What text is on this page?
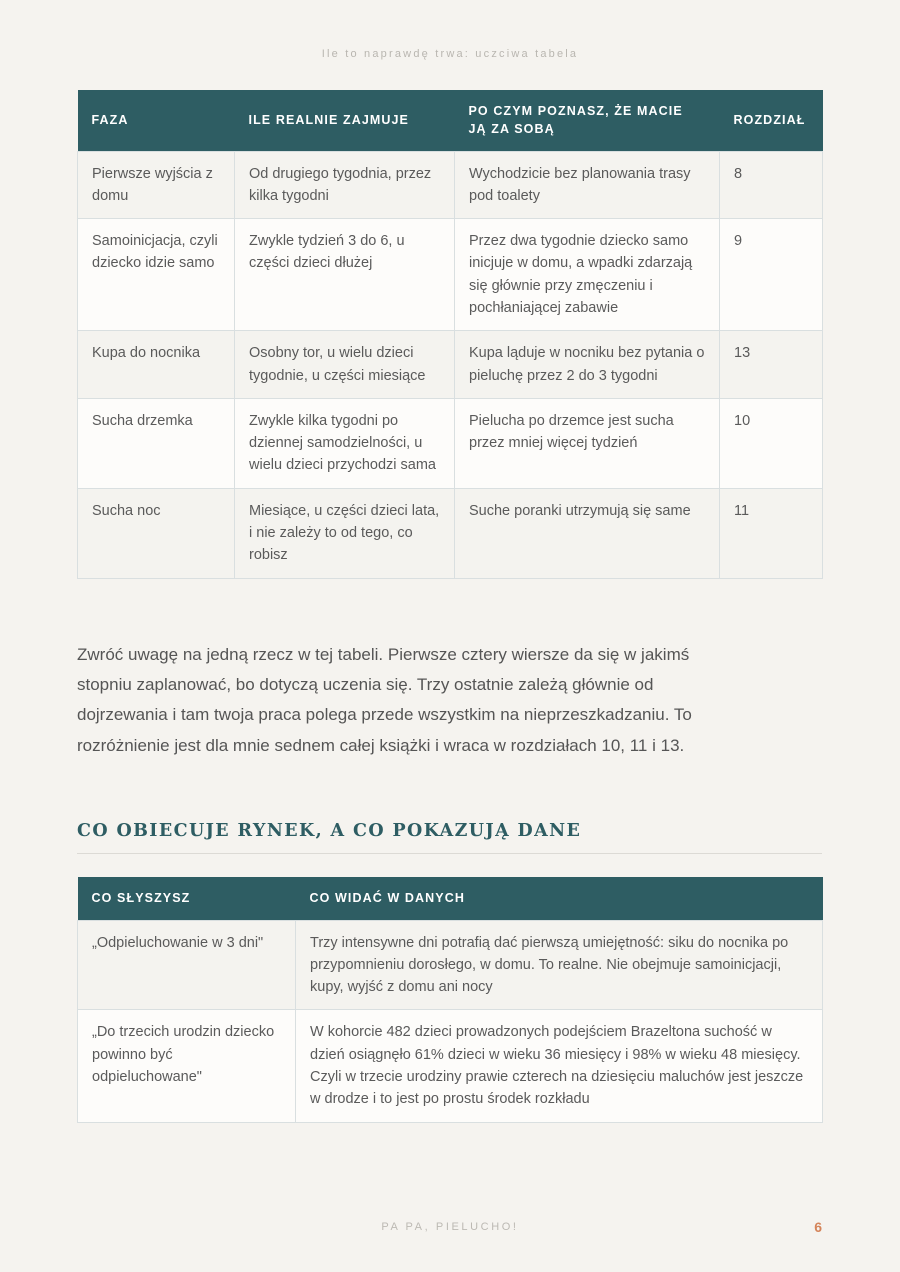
Ile to naprawdę trwa: uczciwa tabela
FAZA	ILE REALNIE ZAJMUJE	PO CZYM POZNASZ, ŻE MACIE JĄ ZA SOBĄ	ROZDZIAŁ
Pierwsze wyjścia z domu	Od drugiego tygodnia, przez kilka tygodni	Wychodzicie bez planowania trasy pod toalety	8
Samoinicjacja, czyli dziecko idzie samo	Zwykle tydzień 3 do 6, u części dzieci dłużej	Przez dwa tygodnie dziecko samo inicjuje w domu, a wpadki zdarzają się głównie przy zmęczeniu i pochłaniającej zabawie	9
Kupa do nocnika	Osobny tor, u wielu dzieci tygodnie, u części miesiące	Kupa ląduje w nocniku bez pytania o pieluchę przez 2 do 3 tygodni	13
Sucha drzemka	Zwykle kilka tygodni po dziennej samodzielności, u wielu dzieci przychodzi sama	Pielucha po drzemce jest sucha przez mniej więcej tydzień	10
Sucha noc	Miesiące, u części dzieci lata, i nie zależy to od tego, co robisz	Suche poranki utrzymują się same	11

Zwróć uwagę na jedną rzecz w tej tabeli. Pierwsze cztery wiersze da się w jakimś stopniu zaplanować, bo dotyczą uczenia się. Trzy ostatnie zależą głównie od dojrzewania i tam twoja praca polega przede wszystkim na nieprzeszkadzaniu. To rozróżnienie jest dla mnie sednem całej książki i wraca w rozdziałach 10, 11 i 13.

CO OBIECUJE RYNEK, A CO POKAZUJĄ DANE
CO SŁYSZYSZ	CO WIDAĆ W DANYCH
„Odpieluchowanie w 3 dni"	Trzy intensywne dni potrafią dać pierwszą umiejętność: siku do nocnika po przypomnieniu dorosłego, w domu. To realne. Nie obejmuje samoinicjacji, kupy, wyjść z domu ani nocy
„Do trzecich urodzin dziecko powinno być odpieluchowane"	W kohorcie 482 dzieci prowadzonych podejściem Brazeltona suchość w dzień osiągnęło 61% dzieci w wieku 36 miesięcy i 98% w wieku 48 miesięcy. Czyli w trzecie urodziny prawie czterech na dziesięciu maluchów jest jeszcze w drodze i to jest po prostu środek rozkładu
PA PA, PIELUCHO!	6
